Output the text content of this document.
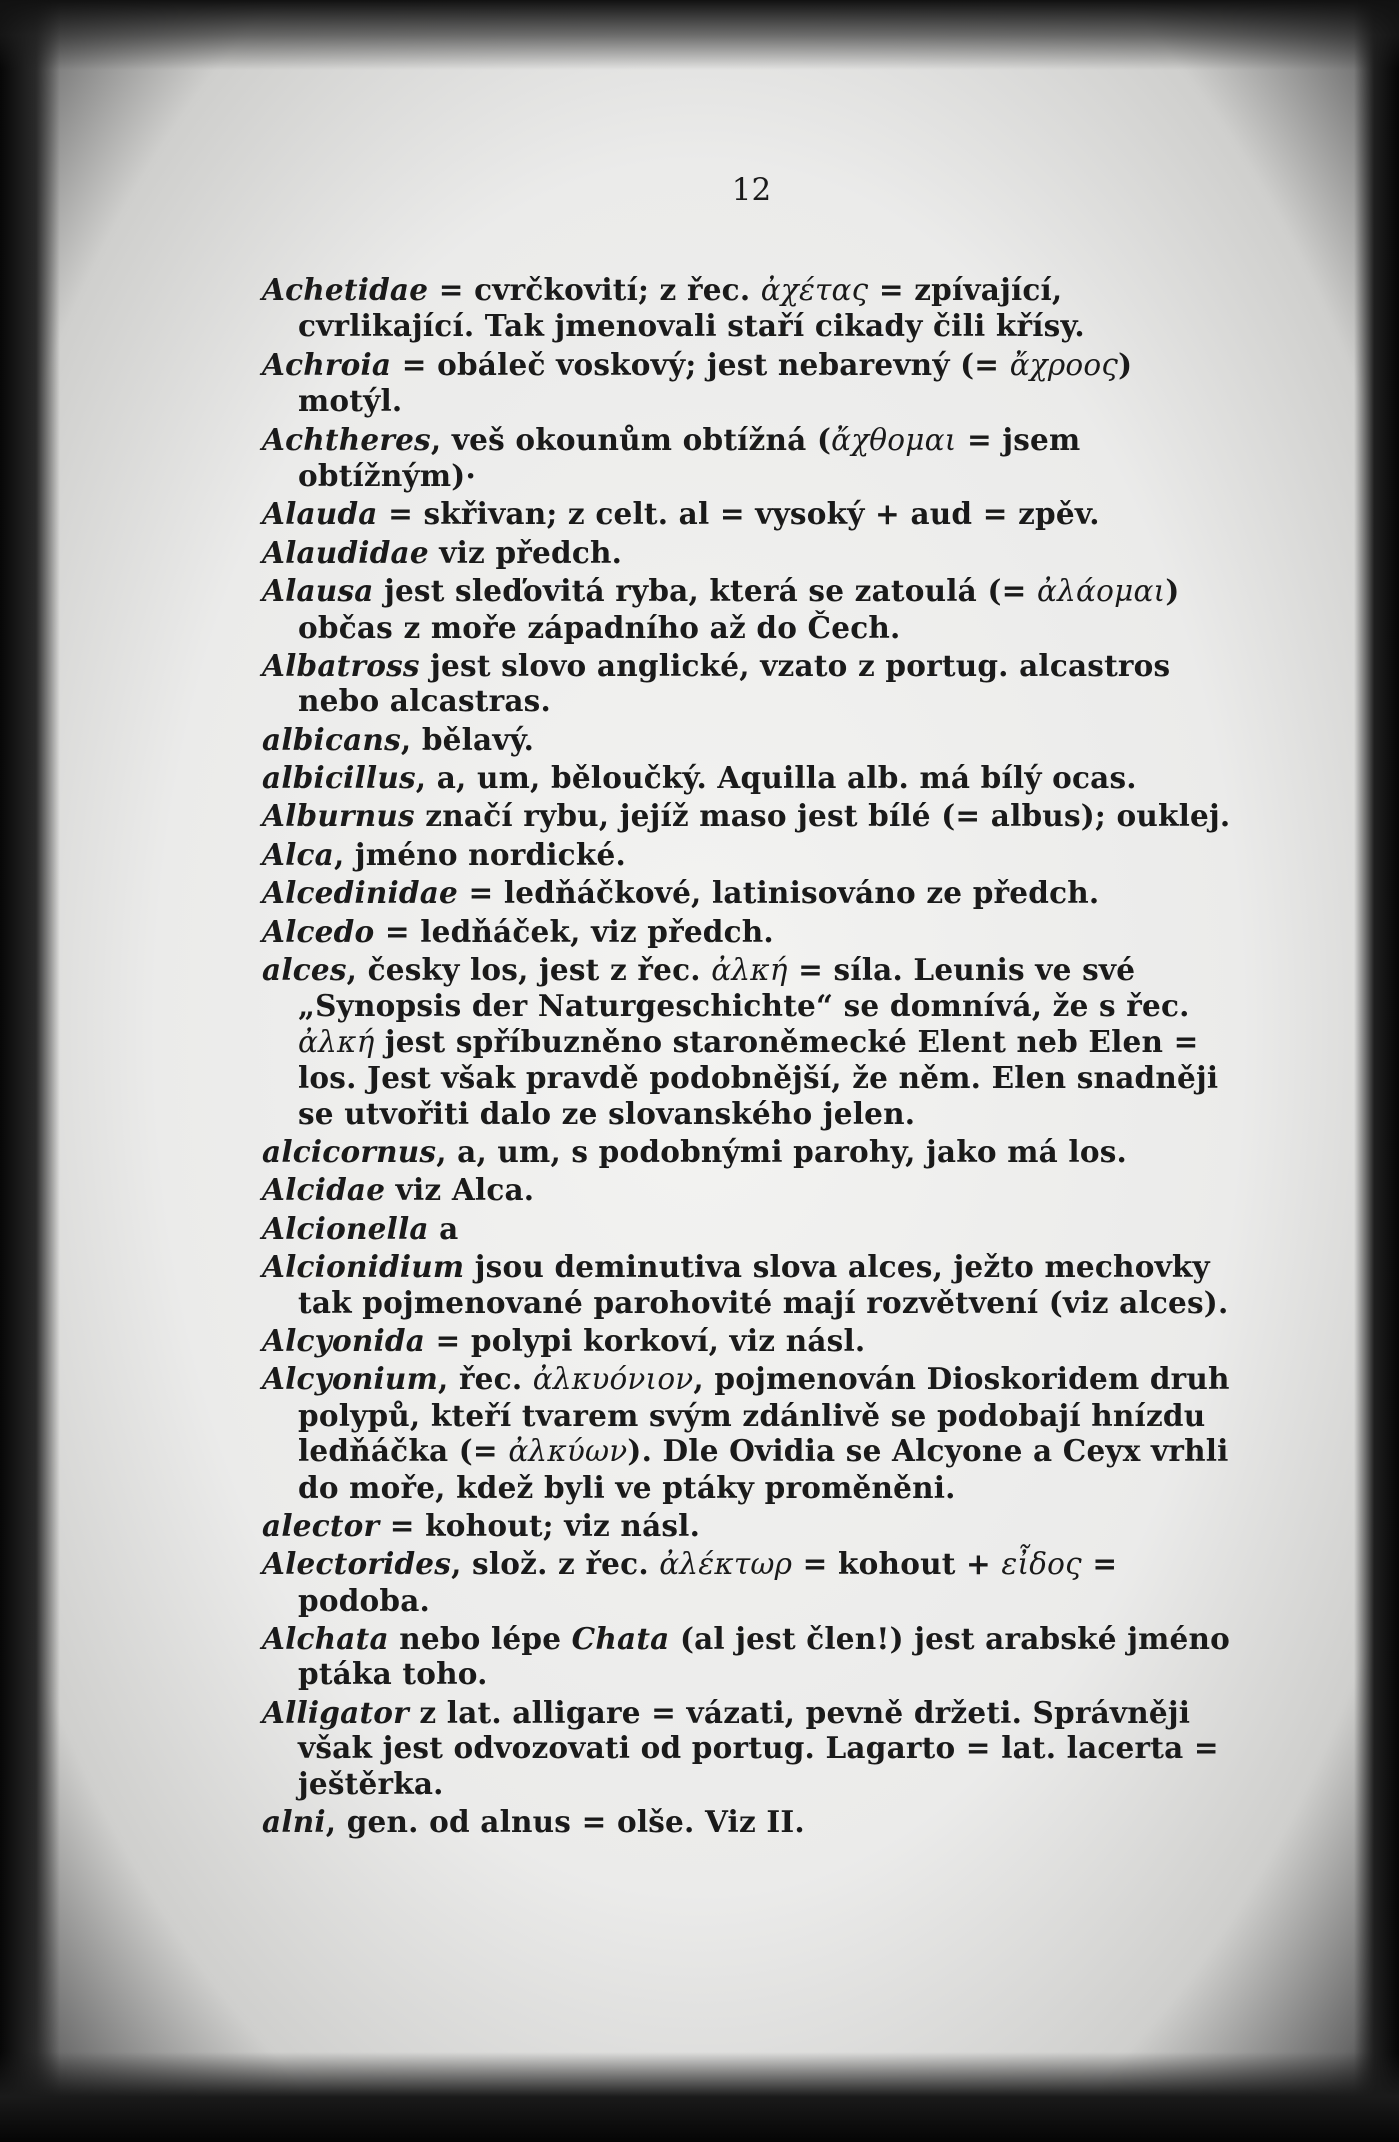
12

Achetidae = cvrčkovití; z řec. ἀχέτας = zpívající, cvrlikající. Tak jmenovali staří cikady čili křísy.

Achroia = obáleč voskový; jest nebarevný (= ἄχροος) motýl.

Achtheres, veš okounům obtížná (ἄχθομαι = jsem obtížným)·

Alauda = skřivan; z celt. al = vysoký + aud = zpěv.

Alaudidae viz předch.

Alausa jest sleďovitá ryba, která se zatoulá (= ἀλάομαι) občas z moře západního až do Čech.

Albatross jest slovo anglické, vzato z portug. alcastros nebo alcastras.

albicans, bělavý.

albicillus, a, um, běloučký. Aquilla alb. má bílý ocas.

Alburnus značí rybu, jejíž maso jest bílé (= albus); ouklej.

Alca, jméno nordické.

Alcedinidae = ledňáčkové, latinisováno ze předch.

Alcedo = ledňáček, viz předch.

alces, česky los, jest z řec. ἀλκή = síla. Leunis ve své „Synopsis der Naturgeschichte“ se domnívá, že s řec. ἀλκή jest spříbuzněno staroněmecké Elent neb Elen = los. Jest však pravdě podobnější, že něm. Elen snadněji se utvořiti dalo ze slovanského jelen.

alcicornus, a, um, s podobnými parohy, jako má los.

Alcidae viz Alca.

Alcionella a

Alcionidium jsou deminutiva slova alces, ježto mechovky tak pojmenované parohovité mají rozvětvení (viz alces).

Alcyonida = polypi korkoví, viz násl.

Alcyonium, řec. ἀλκυόνιον, pojmenován Dioskoridem druh polypů, kteří tvarem svým zdánlivě se podobají hnízdu ledňáčka (= ἀλκύων). Dle Ovidia se Alcyone a Ceyx vrhli do moře, kdež byli ve ptáky proměněni.

alector = kohout; viz násl.

Alectorides, slož. z řec. ἀλέκτωρ = kohout + εἶδος = podoba.

Alchata nebo lépe Chata (al jest člen!) jest arabské jméno ptáka toho.

Alligator z lat. alligare = vázati, pevně držeti. Správněji však jest odvozovati od portug. Lagarto = lat. lacerta = ještěrka.

alni, gen. od alnus = olše. Viz II.
